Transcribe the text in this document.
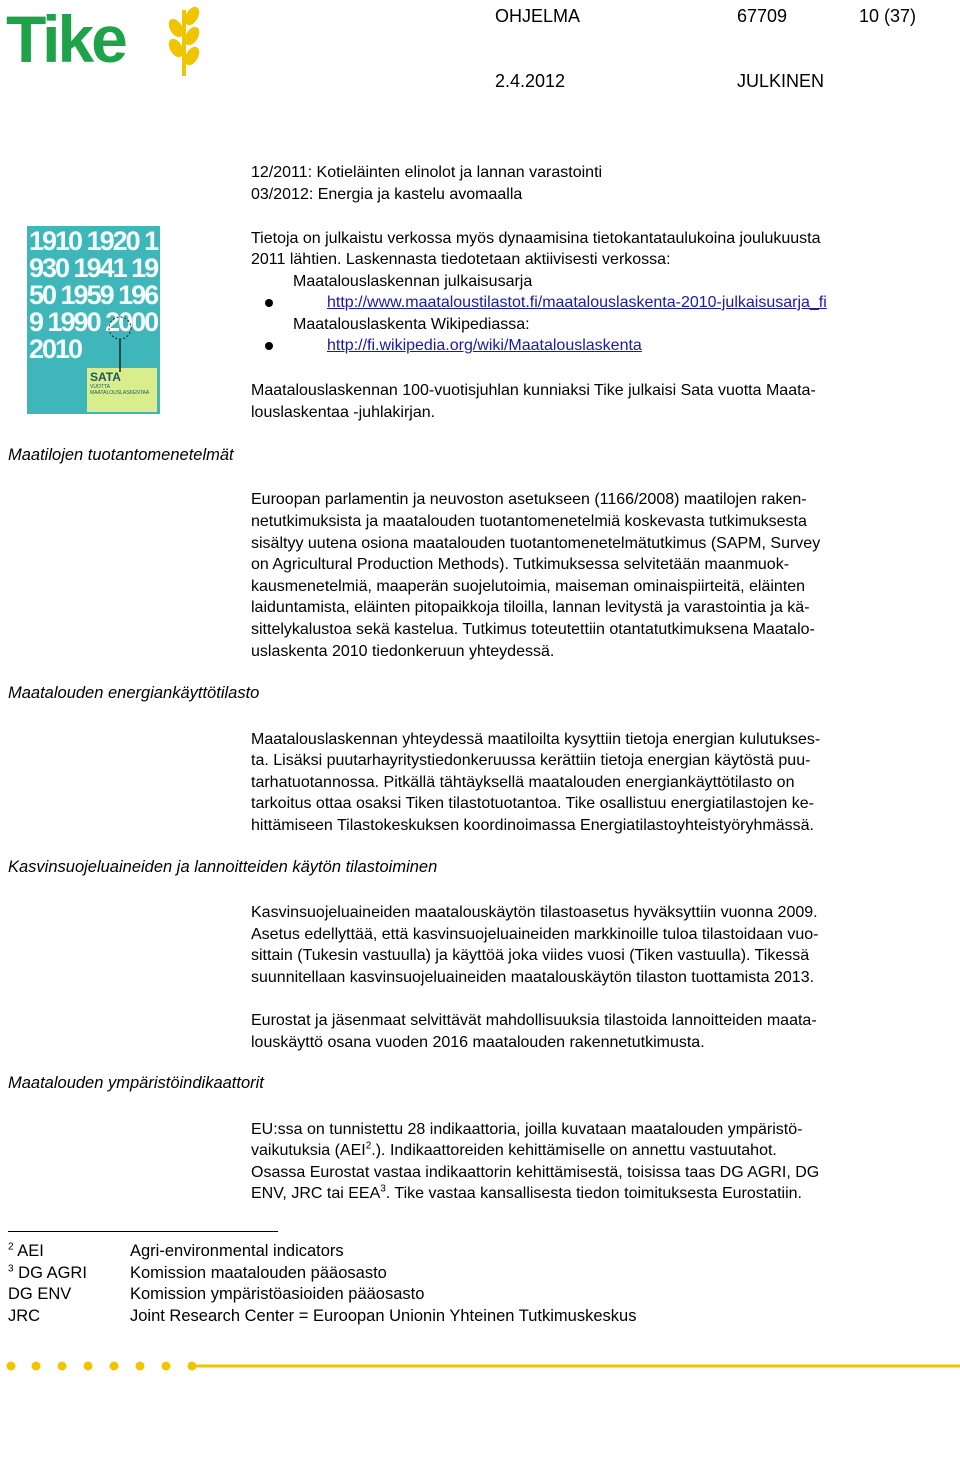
Tike	OHJELMA	67709	10 (37)
2.4.2012	JULKINEN
1910 1920 1930 1941 1950 1959 1969 1990 2000 2010
SATA
VUOTTA MAATALOUSLASKENTAA
12/2011: Kotieläinten elinolot ja lannan varastointi
03/2012: Energia ja kastelu avomaalla
Tietoja on julkaistu verkossa myös dynaamisina tietokantataulukoina joulukuusta
2011 lähtien. Laskennasta tiedotetaan aktiivisesti verkossa:
Maatalouslaskennan julkaisusarja
http://www.maataloustilastot.fi/maatalouslaskenta-2010-julkaisusarja_fi
Maatalouslaskenta Wikipediassa:
http://fi.wikipedia.org/wiki/Maatalouslaskenta
Maatalouslaskennan 100-vuotisjuhlan kunniaksi Tike julkaisi Sata vuotta Maata-
louslaskentaa -juhlakirjan.
Maatilojen tuotantomenetelmät
Maatalouden energiankäyttötilasto
Kasvinsuojeluaineiden ja lannoitteiden käytön tilastoiminen
Maatalouden ympäristöindikaattorit
Euroopan parlamentin ja neuvoston asetukseen (1166/2008) maatilojen raken-
netutkimuksista ja maatalouden tuotantomenetelmiä koskevasta tutkimuksesta
sisältyy uutena osiona maatalouden tuotantomenetelmätutkimus (SAPM, Survey
on Agricultural Production Methods). Tutkimuksessa selvitetään maanmuok-
kausmenetelmiä, maaperän suojelutoimia, maiseman ominaispiirteitä, eläinten
laiduntamista, eläinten pitopaikkoja tiloilla, lannan levitystä ja varastointia ja kä-
sittelykalustoa sekä kastelua. Tutkimus toteutettiin otantatutkimuksena Maatalo-
uslaskenta 2010 tiedonkeruun yhteydessä.
Maatalouslaskennan yhteydessä maatiloilta kysyttiin tietoja energian kulutukses-
ta. Lisäksi puutarhayritystiedonkeruussa kerättiin tietoja energian käytöstä puu-
tarhatuotannossa. Pitkällä tähtäyksellä maatalouden energiankäyttötilasto on
tarkoitus ottaa osaksi Tiken tilastotuotantoa. Tike osallistuu energiatilastojen ke-
hittämiseen Tilastokeskuksen koordinoimassa Energiatilastoyhteistyöryhmässä.
Kasvinsuojeluaineiden maatalouskäytön tilastoasetus hyväksyttiin vuonna 2009.
Asetus edellyttää, että kasvinsuojeluaineiden markkinoille tuloa tilastoidaan vuo-
sittain (Tukesin vastuulla) ja käyttöä joka viides vuosi (Tiken vastuulla). Tikessä
suunnitellaan kasvinsuojeluaineiden maatalouskäytön tilaston tuottamista 2013.
Eurostat ja jäsenmaat selvittävät mahdollisuuksia tilastoida lannoitteiden maata-
louskäyttö osana vuoden 2016 maatalouden rakennetutkimusta.
EU:ssa on tunnistettu 28 indikaattoria, joilla kuvataan maatalouden ympäristö-
vaikutuksia (AEI$^2$.). Indikaattoreiden kehittämiselle on annettu vastuutahot.
Osassa Eurostat vastaa indikaattorin kehittämisestä, toisissa taas DG AGRI, DG
ENV, JRC tai EEA$^3$. Tike vastaa kansallisesta tiedon toimituksesta Eurostatiin.
$^2$ AEI	Agri-environmental indicators
$^3$ DG AGRI	Komission maatalouden pääosasto
DG ENV	Komission ympäristöasioiden pääosasto
JRC	Joint Research Center = Euroopan Unionin Yhteinen Tutkimuskeskus
